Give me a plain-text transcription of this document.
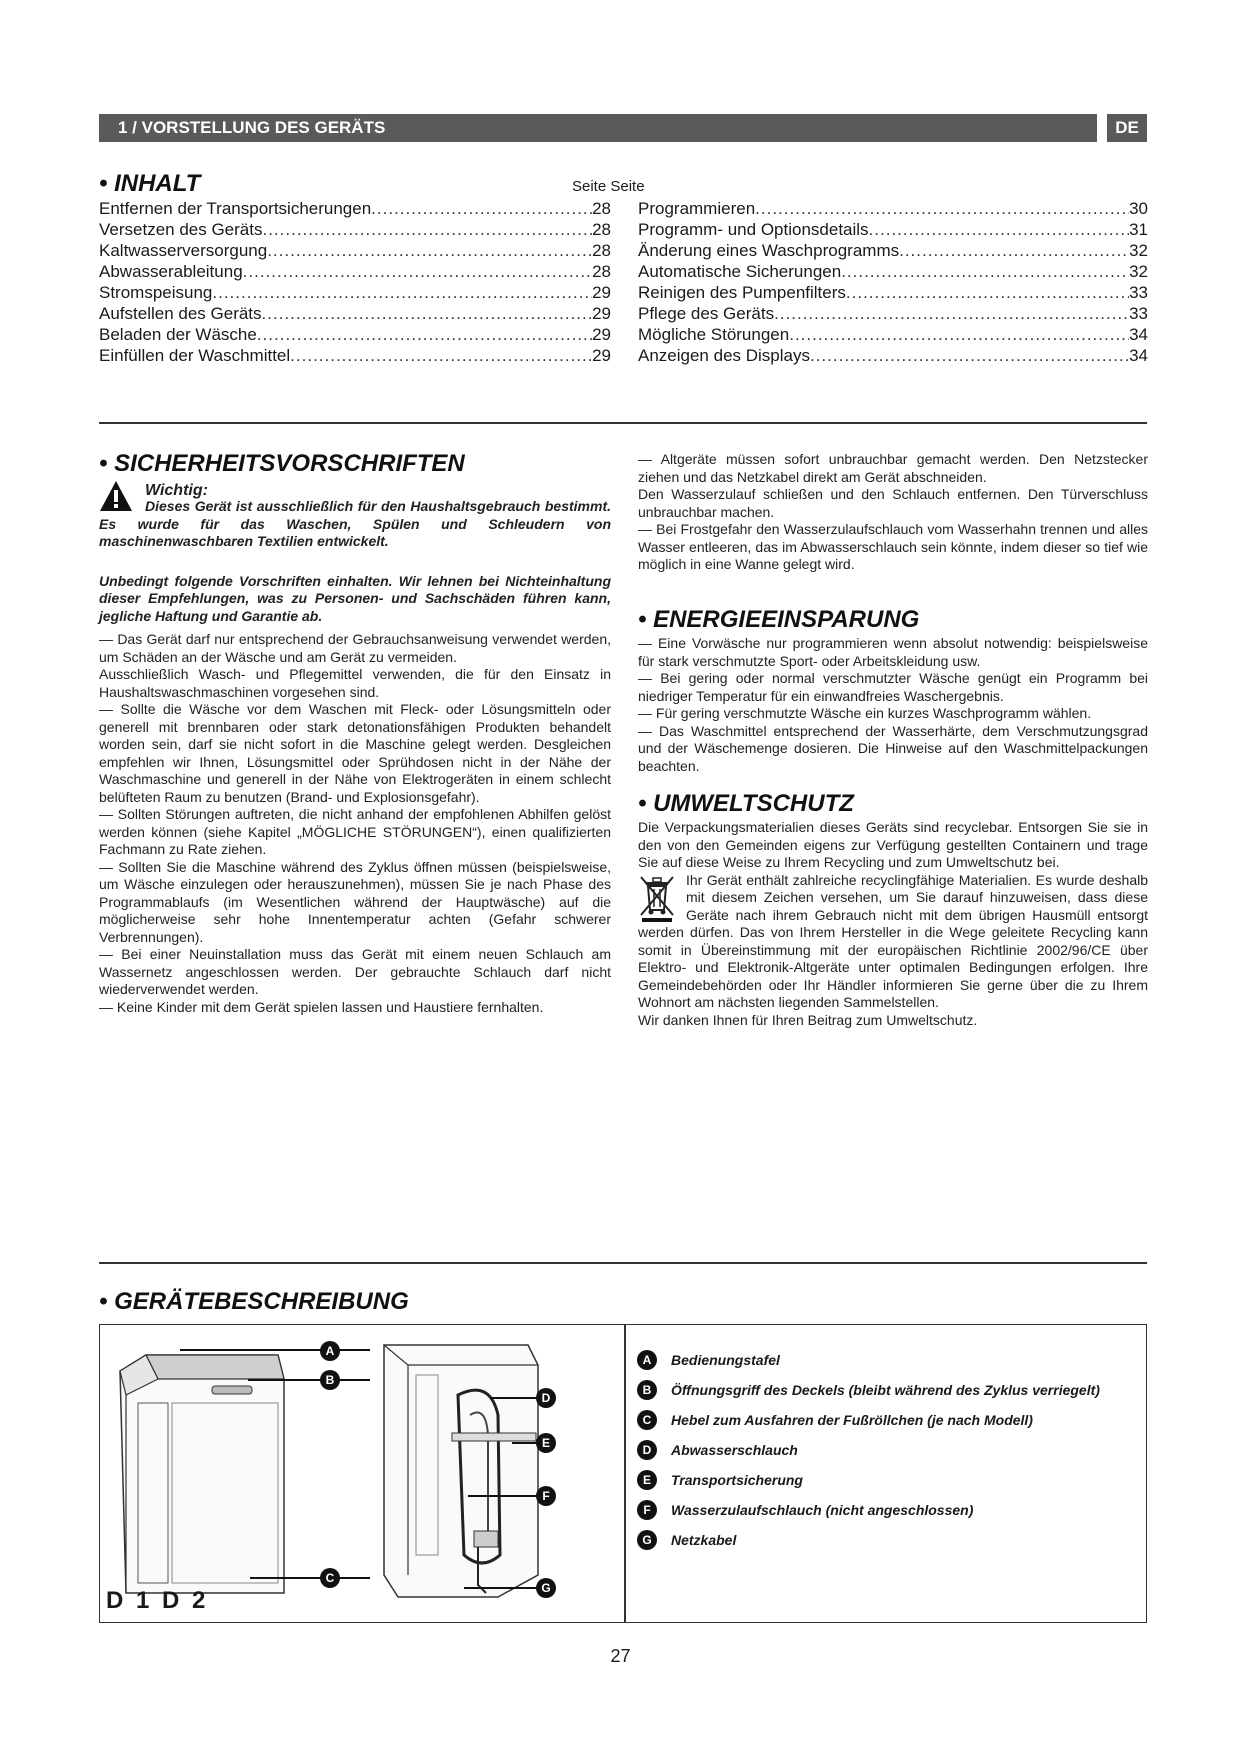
1 / VORSTELLUNG DES GERÄTS	DE
• INHALT	Seite Seite
Entfernen der Transportsicherungen .....	28
Versetzen des Geräts .....	28
Kaltwasserversorgung .....	28
Abwasserableitung .....	28
Stromspeisung .....	29
Aufstellen des Geräts .....	29
Beladen der Wäsche .....	29
Einfüllen der Waschmittel .....	29
Programmieren .....	30
Programm- und Optionsdetails .....	31
Änderung eines Waschprogramms .....	32
Automatische Sicherungen .....	32
Reinigen des Pumpenfilters .....	33
Pflege des Geräts .....	33
Mögliche Störungen .....	34
Anzeigen des Displays .....	34
• SICHERHEITSVORSCHRIFTEN
Wichtig:

Dieses Gerät ist ausschließlich für den Haushaltsgebrauch bestimmt. Es wurde für das Waschen, Spülen und Schleudern von maschinenwaschbaren Textilien entwickelt.

Unbedingt folgende Vorschriften einhalten. Wir lehnen bei Nichteinhaltung dieser Empfehlungen, was zu Personen- und Sachschäden führen kann, jegliche Haftung und Garantie ab.

— Das Gerät darf nur entsprechend der Gebrauchsanweisung verwendet werden, um Schäden an der Wäsche und am Gerät zu vermeiden.

Ausschließlich Wasch- und Pflegemittel verwenden, die für den Einsatz in Haushaltswaschmaschinen vorgesehen sind.

— Sollte die Wäsche vor dem Waschen mit Fleck- oder Lösungsmitteln oder generell mit brennbaren oder stark detonationsfähigen Produkten behandelt worden sein, darf sie nicht sofort in die Maschine gelegt werden. Desgleichen empfehlen wir Ihnen, Lösungsmittel oder Sprühdosen nicht in der Nähe der Waschmaschine und generell in der Nähe von Elektrogeräten in einem schlecht belüfteten Raum zu benutzen (Brand- und Explosionsgefahr).

— Sollten Störungen auftreten, die nicht anhand der empfohlenen Abhilfen gelöst werden können (siehe Kapitel „MÖGLICHE STÖRUNGEN“), einen qualifizierten Fachmann zu Rate ziehen.

— Sollten Sie die Maschine während des Zyklus öffnen müssen (beispielsweise, um Wäsche einzulegen oder herauszunehmen), müssen Sie je nach Phase des Programmablaufs (im Wesentlichen während der Hauptwäsche) auf die möglicherweise sehr hohe Innentemperatur achten (Gefahr schwerer Verbrennungen).

— Bei einer Neuinstallation muss das Gerät mit einem neuen Schlauch am Wassernetz angeschlossen werden. Der gebrauchte Schlauch darf nicht wiederverwendet werden.

— Keine Kinder mit dem Gerät spielen lassen und Haustiere fernhalten.

— Altgeräte müssen sofort unbrauchbar gemacht werden. Den Netzstecker ziehen und das Netzkabel direkt am Gerät abschneiden.

Den Wasserzulauf schließen und den Schlauch entfernen. Den Türverschluss unbrauchbar machen.

— Bei Frostgefahr den Wasserzulaufschlauch vom Wasserhahn trennen und alles Wasser entleeren, das im Abwasserschlauch sein könnte, indem dieser so tief wie möglich in eine Wanne gelegt wird.

• ENERGIEEINSPARUNG

— Eine Vorwäsche nur programmieren wenn absolut notwendig: beispielsweise für stark verschmutzte Sport- oder Arbeitskleidung usw.

— Bei gering oder normal verschmutzter Wäsche genügt ein Programm bei niedriger Temperatur für ein einwandfreies Waschergebnis.

— Für gering verschmutzte Wäsche ein kurzes Waschprogramm wählen.

— Das Waschmittel entsprechend der Wasserhärte, dem Verschmutzungsgrad und der Wäschemenge dosieren. Die Hinweise auf den Waschmittelpackungen beachten.

• UMWELTSCHUTZ

Die Verpackungsmaterialien dieses Geräts sind recyclebar. Entsorgen Sie sie in den von den Gemeinden eigens zur Verfügung gestellten Containern und trage Sie auf diese Weise zu Ihrem Recycling und zum Umweltschutz bei.

Ihr Gerät enthält zahlreiche recyclingfähige Materialien. Es wurde deshalb mit diesem Zeichen versehen, um Sie darauf hinzuweisen, dass diese Geräte nach ihrem Gebrauch nicht mit dem übrigen Hausmüll entsorgt werden dürfen. Das von Ihrem Hersteller in die Wege geleitete Recycling kann somit in Übereinstimmung mit der europäischen Richtlinie 2002/96/CE über Elektro- und Elektronik-Altgeräte unter optimalen Bedingungen erfolgen. Ihre Gemeindebehörden oder Ihr Händler informieren Sie gerne über die zu Ihrem Wohnort am nächsten liegenden Sammelstellen.

Wir danken Ihnen für Ihren Beitrag zum Umweltschutz.

• GERÄTEBESCHREIBUNG
A
B
C
D 1 D 2
D
E
F
G
A	Bedienungstafel
B	Öffnungsgriff des Deckels (bleibt während des Zyklus verriegelt)
C	Hebel zum Ausfahren der Fußröllchen (je nach Modell)
D	Abwasserschlauch
E	Transportsicherung
F	Wasserzulaufschlauch (nicht angeschlossen)
G	Netzkabel
27
